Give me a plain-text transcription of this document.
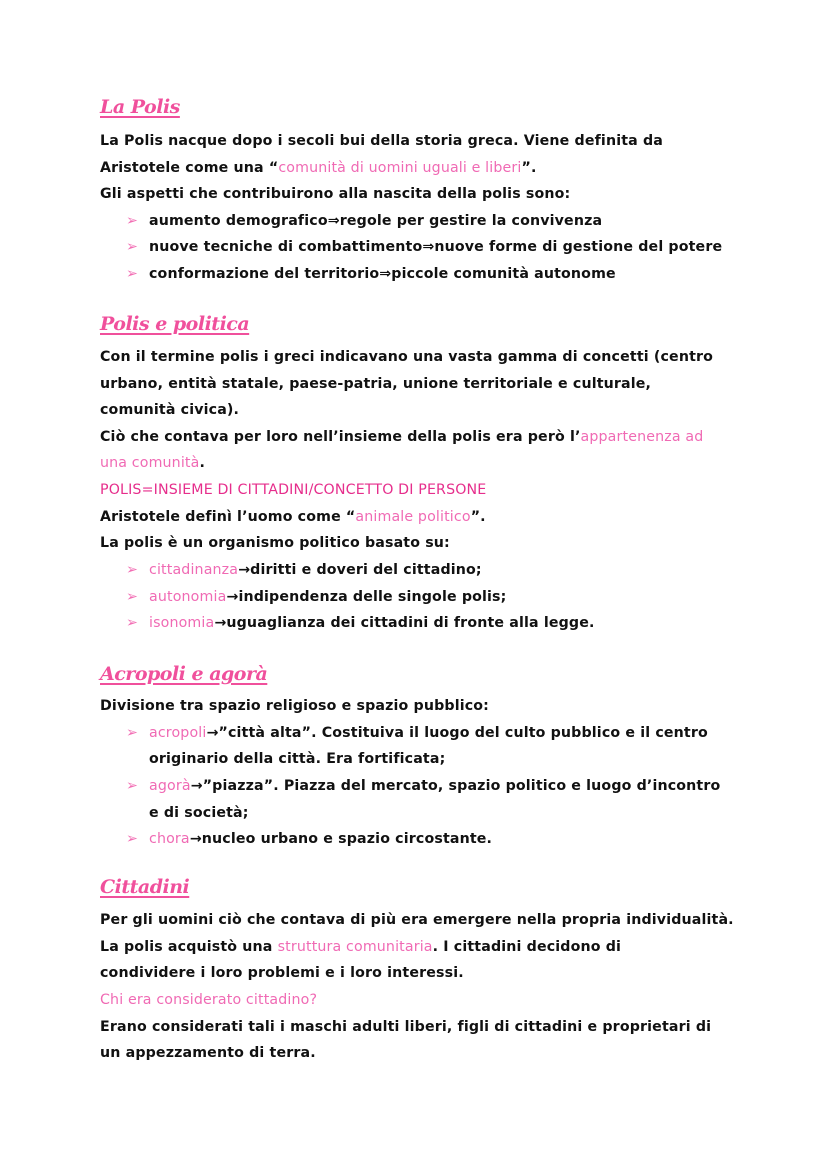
La Polis
La Polis nacque dopo i secoli bui della storia greca. Viene definita da
Aristotele come una “comunità di uomini uguali e liberi”.
Gli aspetti che contribuirono alla nascita della polis sono:
➢ aumento demografico⇒regole per gestire la convivenza
➢ nuove tecniche di combattimento⇒nuove forme di gestione del potere
➢ conformazione del territorio⇒piccole comunità autonome
Polis e politica
Con il termine polis i greci indicavano una vasta gamma di concetti (centro
urbano, entità statale, paese-patria, unione territoriale e culturale,
comunità civica).
Ciò che contava per loro nell’insieme della polis era però l’appartenenza ad
una comunità.
POLIS=INSIEME DI CITTADINI/CONCETTO DI PERSONE
Aristotele definì l’uomo come “animale politico”.
La polis è un organismo politico basato su:
➢ cittadinanza→diritti e doveri del cittadino;
➢ autonomia→indipendenza delle singole polis;
➢ isonomia→uguaglianza dei cittadini di fronte alla legge.
Acropoli e agorà
Divisione tra spazio religioso e spazio pubblico:
➢ acropoli→”città alta”. Costituiva il luogo del culto pubblico e il centro
originario della città. Era fortificata;
➢ agorà→”piazza”. Piazza del mercato, spazio politico e luogo d’incontro
e di società;
➢ chora→nucleo urbano e spazio circostante.
Cittadini
Per gli uomini ciò che contava di più era emergere nella propria individualità.
La polis acquistò una struttura comunitaria. I cittadini decidono di
condividere i loro problemi e i loro interessi.
Chi era considerato cittadino?
Erano considerati tali i maschi adulti liberi, figli di cittadini e proprietari di
un appezzamento di terra.
